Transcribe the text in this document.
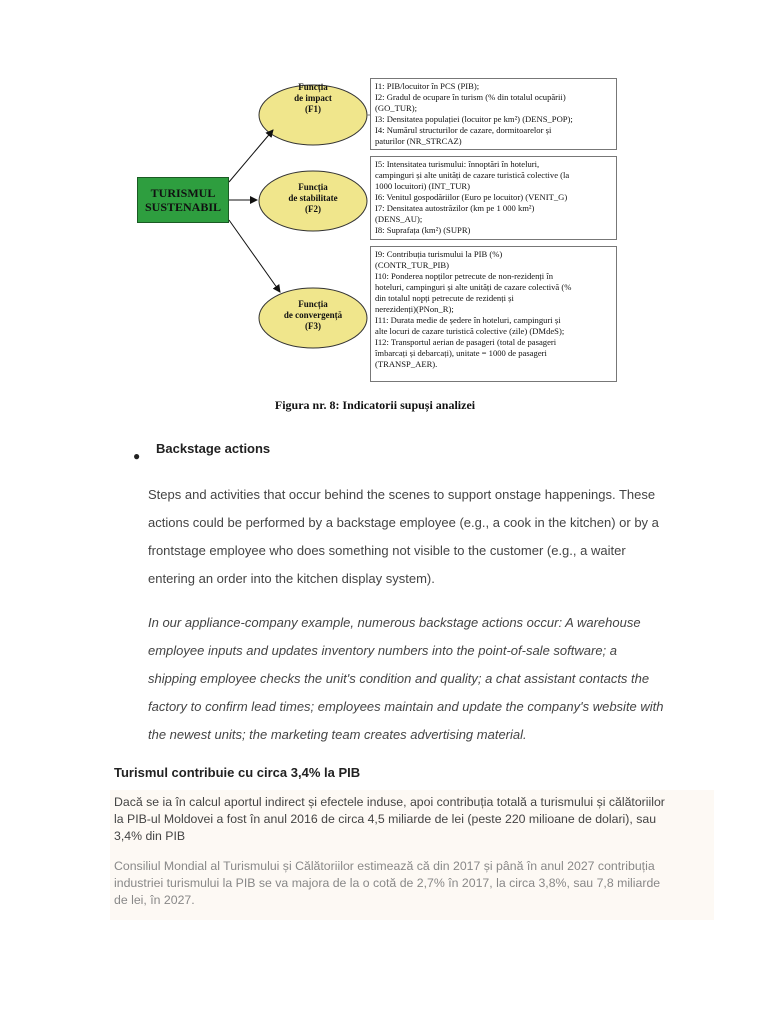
TURISMUL
SUSTENABIL
Funcția
de impact
(F1)
Funcția
de stabilitate
(F2)
Funcția
de convergență
(F3)
I1: PIB/locuitor în PCS (PIB);
I2: Gradul de ocupare în turism (% din totalul ocupării)
(GO_TUR);
I3: Densitatea populației (locuitor pe km²) (DENS_POP);
I4: Numărul structurilor de cazare, dormitoarelor și
paturilor (NR_STRCAZ)
I5: Intensitatea turismului: înnoptări în hoteluri,
campinguri și alte unități de cazare turistică colective (la
1000 locuitori) (INT_TUR)
I6: Venitul gospodăriilor (Euro pe locuitor) (VENIT_G)
I7: Densitatea autostrăzilor (km pe 1 000 km²)
(DENS_AU);
I8: Suprafața (km²) (SUPR)
I9: Contribuția turismului la PIB (%)
(CONTR_TUR_PIB)
I10: Ponderea nopților petrecute de non-rezidenți în
hoteluri, campinguri și alte unități de cazare colectivă (%
din totalul nopți petrecute de rezidenți și
nerezidenți)(PNon_R);
I11: Durata medie de ședere în hoteluri, campinguri și
alte locuri de cazare turistică colective (zile) (DMdeS);
I12: Transportul aerian de pasageri (total de pasageri
îmbarcați și debarcați), unitate = 1000 de pasageri
(TRANSP_AER).
Figura nr. 8: Indicatorii supuși analizei
● Backstage actions
Steps and activities that occur behind the scenes to support onstage happenings. These
actions could be performed by a backstage employee (e.g., a cook in the kitchen) or by a
frontstage employee who does something not visible to the customer (e.g., a waiter
entering an order into the kitchen display system).
In our appliance-company example, numerous backstage actions occur: A warehouse
employee inputs and updates inventory numbers into the point-of-sale software; a
shipping employee checks the unit's condition and quality; a chat assistant contacts the
factory to confirm lead times; employees maintain and update the company's website with
the newest units; the marketing team creates advertising material.
Turismul contribuie cu circa 3,4% la PIB
Dacă se ia în calcul aportul indirect și efectele induse, apoi contribuția totală a turismului și călătoriilor
la PIB-ul Moldovei a fost în anul 2016 de circa 4,5 miliarde de lei (peste 220 milioane de dolari), sau
3,4% din PIB
Consiliul Mondial al Turismului și Călătoriilor estimează că din 2017 și până în anul 2027 contribuția
industriei turismului la PIB se va majora de la o cotă de 2,7% în 2017, la circa 3,8%, sau 7,8 miliarde
de lei, în 2027.
